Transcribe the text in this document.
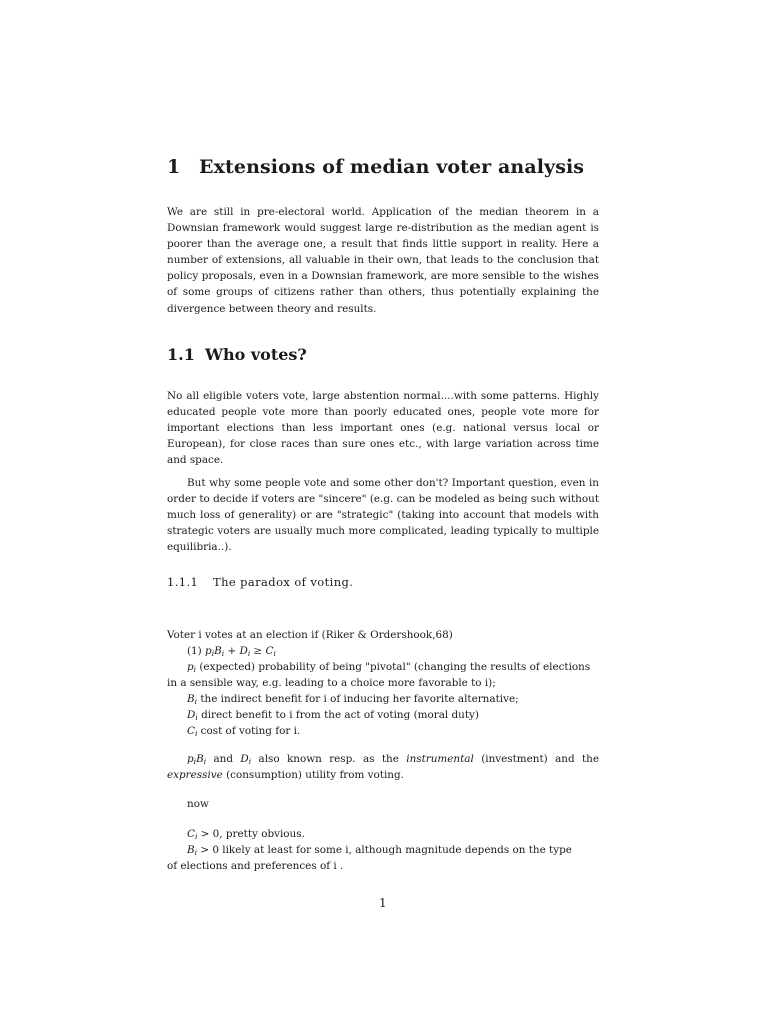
1 Extensions of median voter analysis

We are still in pre-electoral world. Application of the median theorem in a Downsian framework would suggest large re-distribution as the median agent is poorer than the average one, a result that finds little support in reality. Here a number of extensions, all valuable in their own, that leads to the conclusion that policy proposals, even in a Downsian framework, are more sensible to the wishes of some groups of citizens rather than others, thus potentially explaining the divergence between theory and results.

1.1 Who votes?

No all eligible voters vote, large abstention normal....with some patterns. Highly educated people vote more than poorly educated ones, people vote more for important elections than less important ones (e.g. national versus local or European), for close races than sure ones etc., with large variation across time and space.

But why some people vote and some other don't? Important question, even in order to decide if voters are "sincere" (e.g. can be modeled as being such without much loss of generality) or are "strategic" (taking into account that models with strategic voters are usually much more complicated, leading typically to multiple equilibria..).

1.1.1 The paradox of voting.
Voter i votes at an election if (Riker & Ordershook,68)
(1) $p_iB_i + D_i \ge C_i$
$p_i$ (expected) probability of being "pivotal" (changing the results of elections
in a sensible way, e.g. leading to a choice more favorable to i);
$B_i$ the indirect benefit for i of inducing her favorite alternative;
$D_i$ direct benefit to i from the act of voting (moral duty)
$C_i$ cost of voting for i.
$p_iB_i$ and $D_i$ also known resp. as the instrumental (investment) and the
expressive (consumption) utility from voting.
now
$C_i > 0$, pretty obvious.
$B_i > 0$ likely at least for some i, although magnitude depends on the type
of elections and preferences of i .
1
